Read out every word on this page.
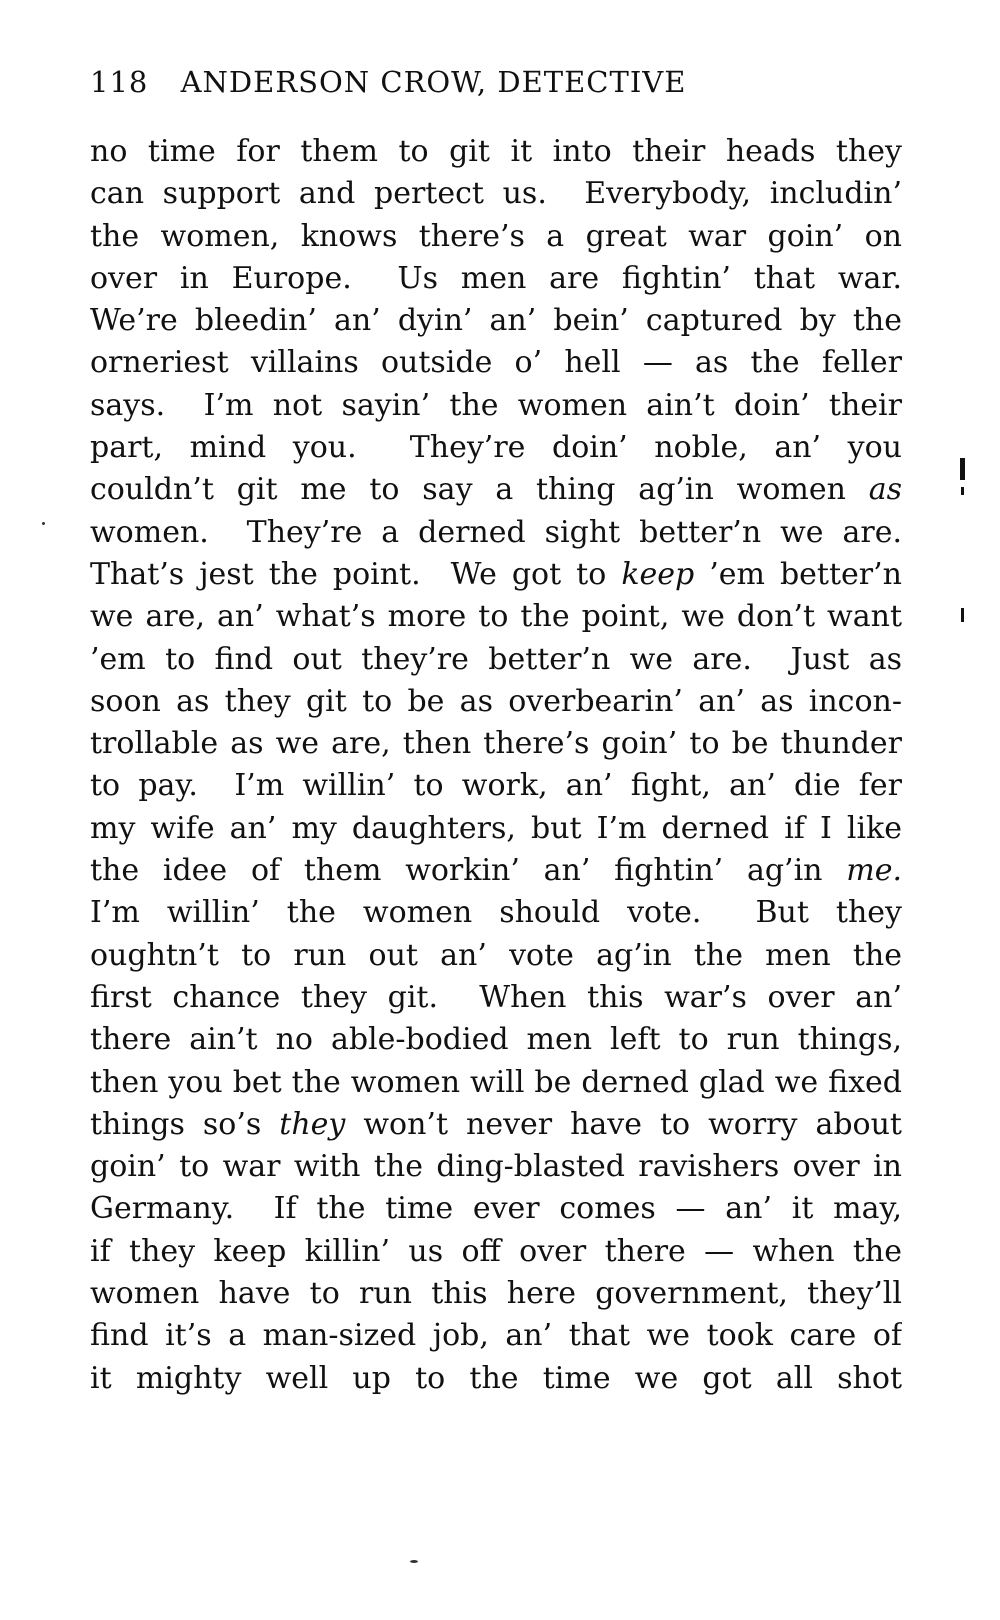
118 ANDERSON CROW, DETECTIVE
no time for them to git it into their heads they
can support and pertect us.  Everybody, includin’
the women, knows there’s a great war goin’ on
over in Europe.  Us men are fightin’ that war.
We’re bleedin’ an’ dyin’ an’ bein’ captured by the
orneriest villains outside o’ hell — as the feller
says.  I’m not sayin’ the women ain’t doin’ their
part, mind you.  They’re doin’ noble, an’ you
couldn’t git me to say a thing ag’in women as
women.  They’re a derned sight better’n we are.
That’s jest the point.  We got to keep ’em better’n
we are, an’ what’s more to the point, we don’t want
’em to find out they’re better’n we are.  Just as
soon as they git to be as overbearin’ an’ as incon-
trollable as we are, then there’s goin’ to be thunder
to pay.  I’m willin’ to work, an’ fight, an’ die fer
my wife an’ my daughters, but I’m derned if I like
the idee of them workin’ an’ fightin’ ag’in me.
I’m willin’ the women should vote.  But they
oughtn’t to run out an’ vote ag’in the men the
first chance they git.  When this war’s over an’
there ain’t no able-bodied men left to run things,
then you bet the women will be derned glad we fixed
things so’s they won’t never have to worry about
goin’ to war with the ding-blasted ravishers over in
Germany.  If the time ever comes — an’ it may,
if they keep killin’ us off over there — when the
women have to run this here government, they’ll
find it’s a man-sized job, an’ that we took care of
it mighty well up to the time we got all shot
